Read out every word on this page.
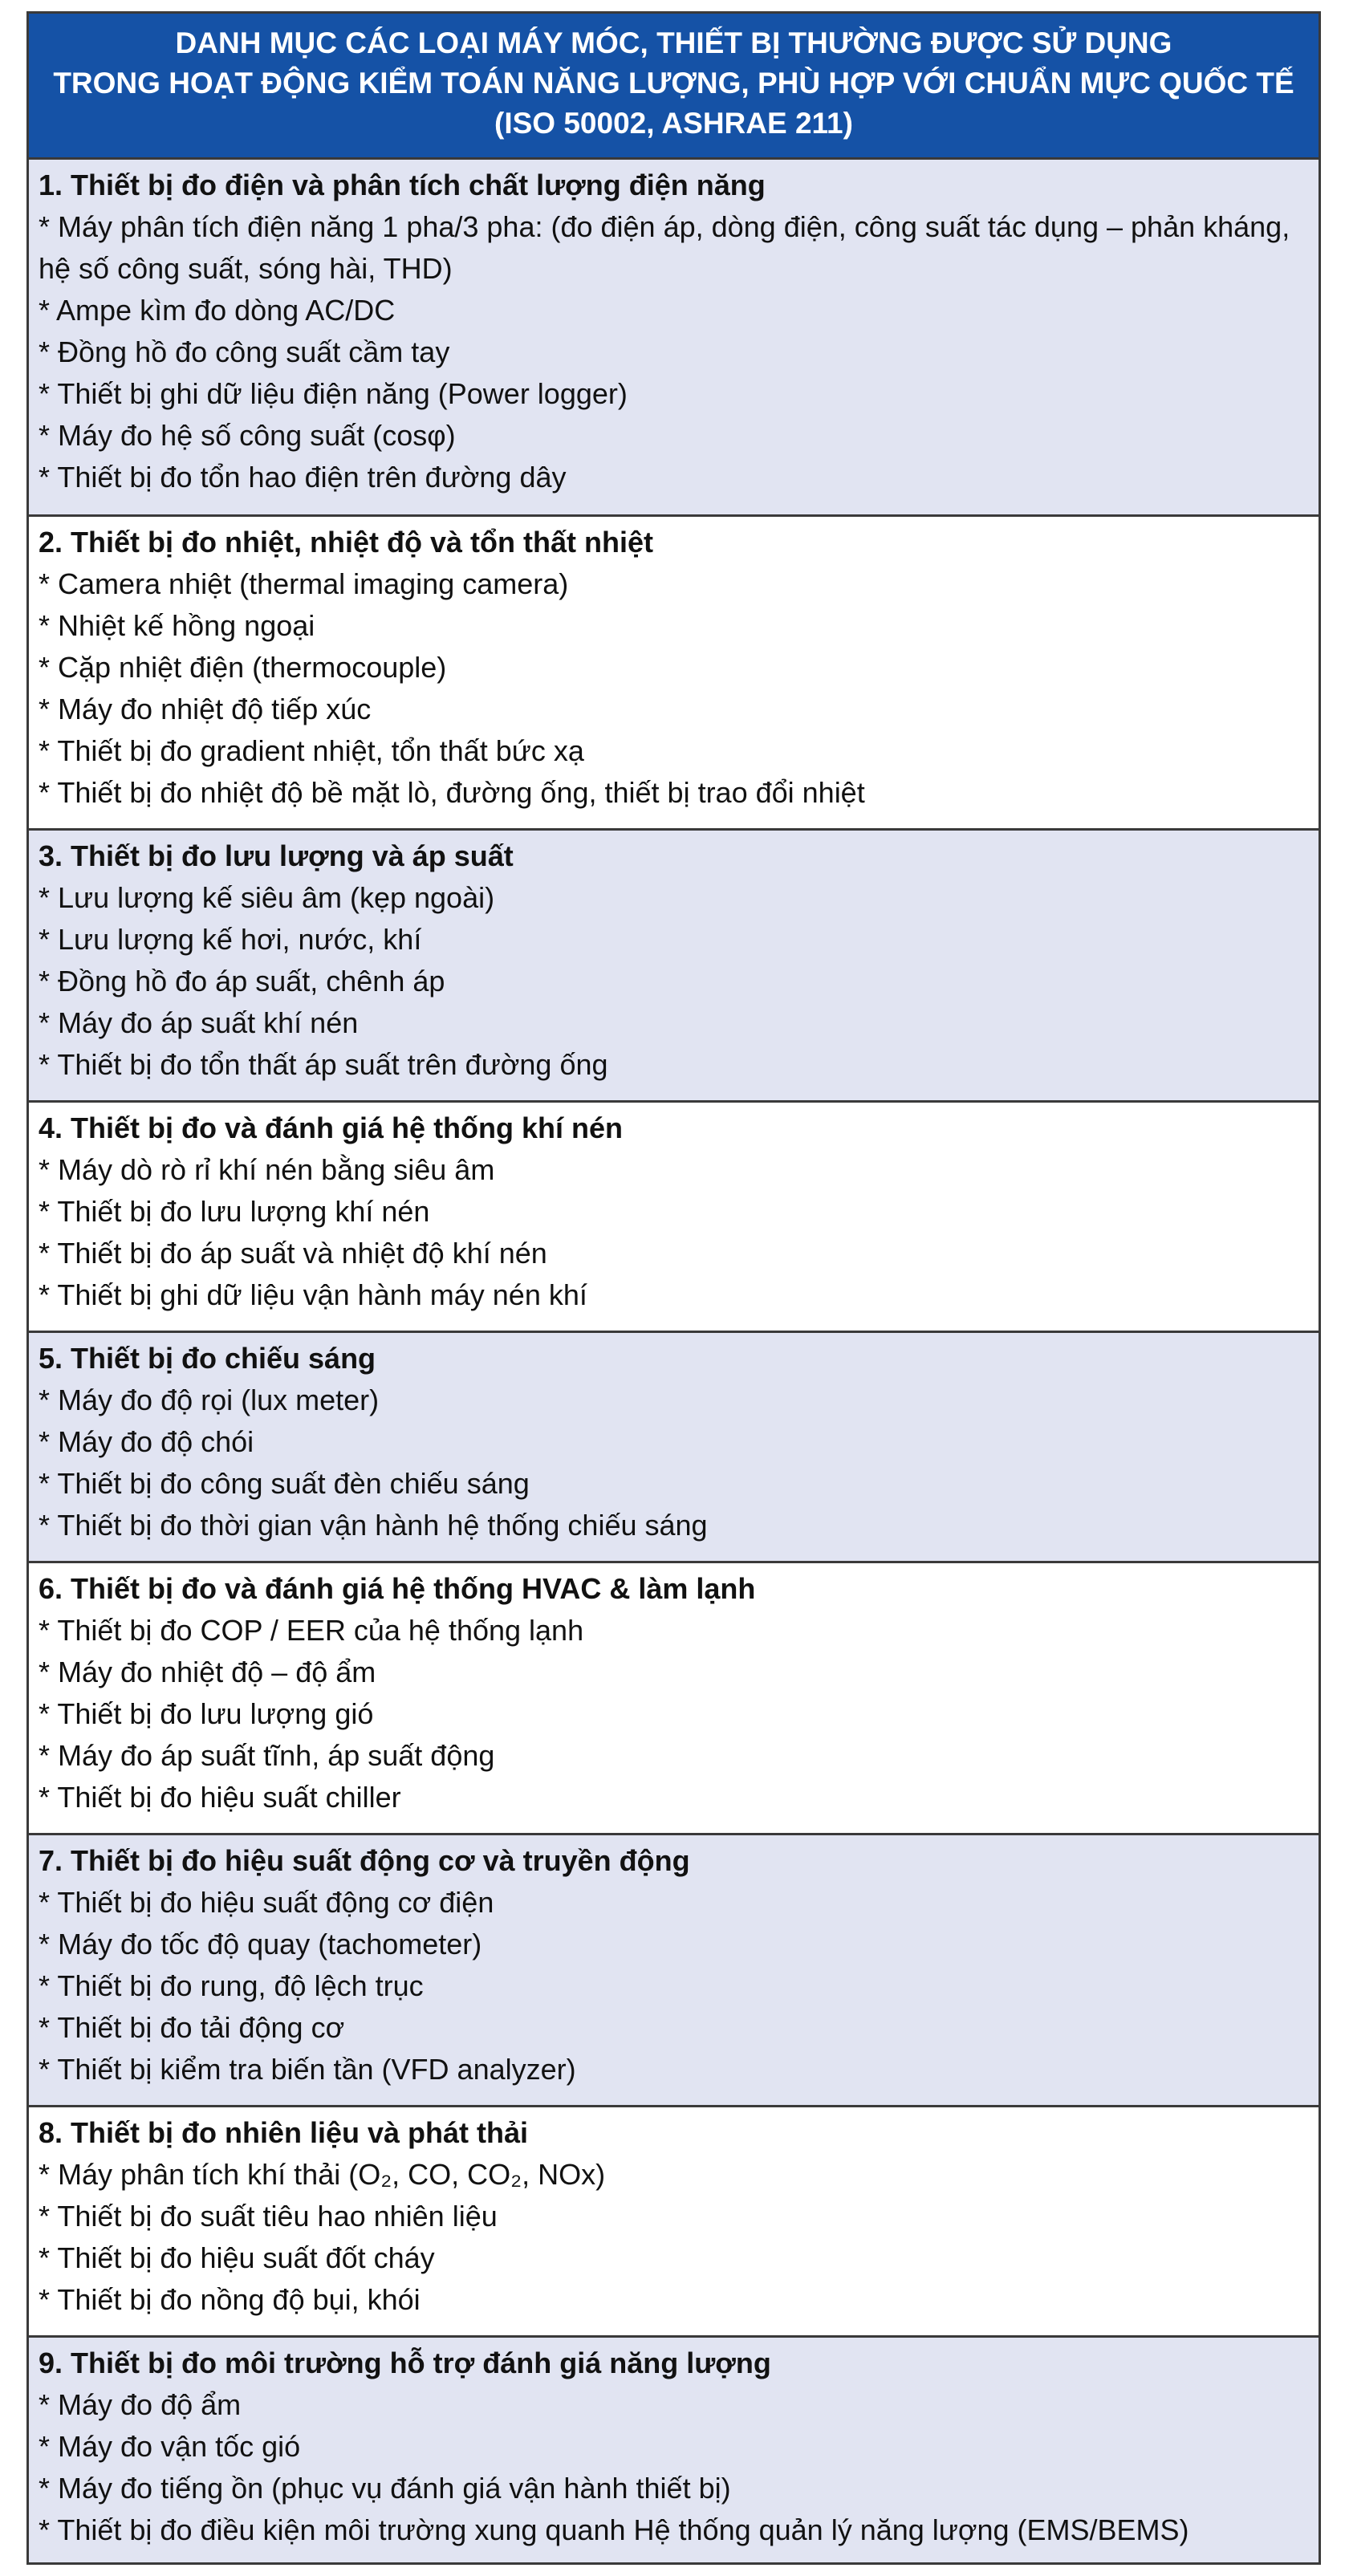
DANH MỤC CÁC LOẠI MÁY MÓC, THIẾT BỊ THƯỜNG ĐƯỢC SỬ DỤNG
TRONG HOẠT ĐỘNG KIỂM TOÁN NĂNG LƯỢNG, PHÙ HỢP VỚI CHUẨN MỰC QUỐC TẾ
(ISO 50002, ASHRAE 211)
1. Thiết bị đo điện và phân tích chất lượng điện năng
* Máy phân tích điện năng 1 pha/3 pha: (đo điện áp, dòng điện, công suất tác dụng – phản kháng, hệ số công suất, sóng hài, THD)
* Ampe kìm đo dòng AC/DC
* Đồng hồ đo công suất cầm tay
* Thiết bị ghi dữ liệu điện năng (Power logger)
* Máy đo hệ số công suất (cosφ)
* Thiết bị đo tổn hao điện trên đường dây
2. Thiết bị đo nhiệt, nhiệt độ và tổn thất nhiệt
* Camera nhiệt (thermal imaging camera)
* Nhiệt kế hồng ngoại
* Cặp nhiệt điện (thermocouple)
* Máy đo nhiệt độ tiếp xúc
* Thiết bị đo gradient nhiệt, tổn thất bức xạ
* Thiết bị đo nhiệt độ bề mặt lò, đường ống, thiết bị trao đổi nhiệt
3. Thiết bị đo lưu lượng và áp suất
* Lưu lượng kế siêu âm (kẹp ngoài)
* Lưu lượng kế hơi, nước, khí
* Đồng hồ đo áp suất, chênh áp
* Máy đo áp suất khí nén
* Thiết bị đo tổn thất áp suất trên đường ống
4. Thiết bị đo và đánh giá hệ thống khí nén
* Máy dò rò rỉ khí nén bằng siêu âm
* Thiết bị đo lưu lượng khí nén
* Thiết bị đo áp suất và nhiệt độ khí nén
* Thiết bị ghi dữ liệu vận hành máy nén khí
5. Thiết bị đo chiếu sáng
* Máy đo độ rọi (lux meter)
* Máy đo độ chói
* Thiết bị đo công suất đèn chiếu sáng
* Thiết bị đo thời gian vận hành hệ thống chiếu sáng
6. Thiết bị đo và đánh giá hệ thống HVAC & làm lạnh
* Thiết bị đo COP / EER của hệ thống lạnh
* Máy đo nhiệt độ – độ ẩm
* Thiết bị đo lưu lượng gió
* Máy đo áp suất tĩnh, áp suất động
* Thiết bị đo hiệu suất chiller
7. Thiết bị đo hiệu suất động cơ và truyền động
* Thiết bị đo hiệu suất động cơ điện
* Máy đo tốc độ quay (tachometer)
* Thiết bị đo rung, độ lệch trục
* Thiết bị đo tải động cơ
* Thiết bị kiểm tra biến tần (VFD analyzer)
8. Thiết bị đo nhiên liệu và phát thải
* Máy phân tích khí thải (O₂, CO, CO₂, NOx)
* Thiết bị đo suất tiêu hao nhiên liệu
* Thiết bị đo hiệu suất đốt cháy
* Thiết bị đo nồng độ bụi, khói
9. Thiết bị đo môi trường hỗ trợ đánh giá năng lượng
* Máy đo độ ẩm
* Máy đo vận tốc gió
* Máy đo tiếng ồn (phục vụ đánh giá vận hành thiết bị)
* Thiết bị đo điều kiện môi trường xung quanh Hệ thống quản lý năng lượng (EMS/BEMS)
